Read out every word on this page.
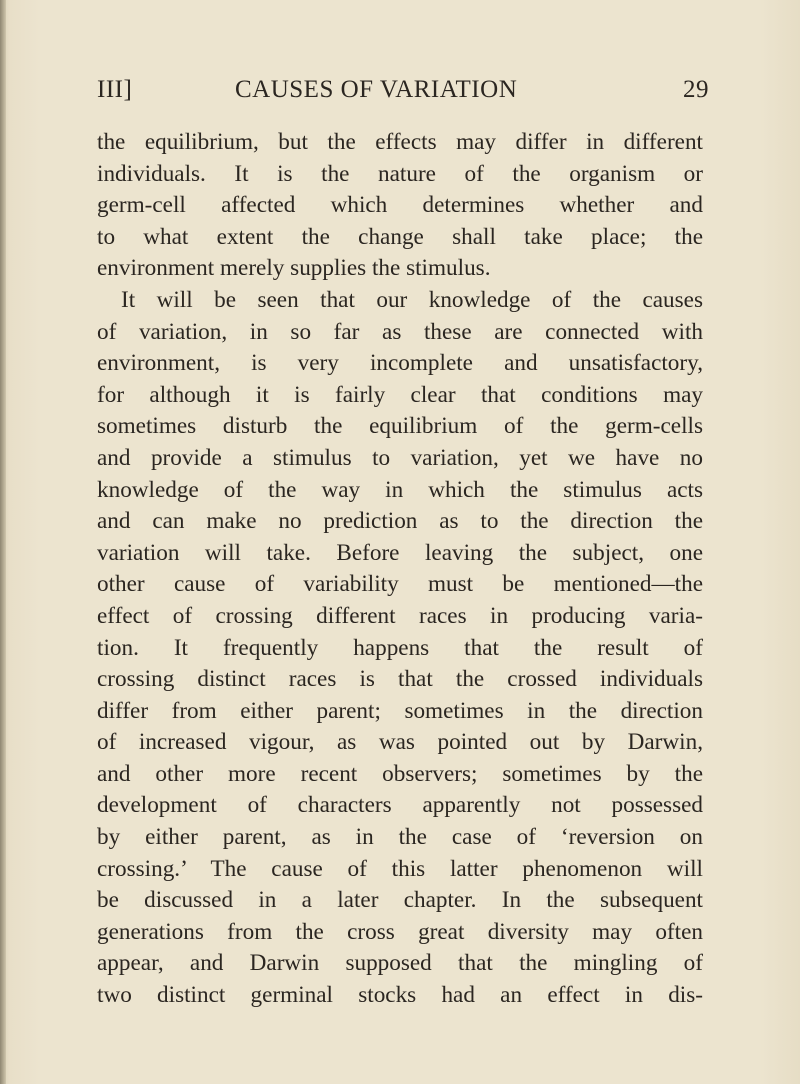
III]	CAUSES OF VARIATION	29
the equilibrium, but the effects may differ in different
individuals. It is the nature of the organism or
germ-cell affected which determines whether and
to what extent the change shall take place; the
environment merely supplies the stimulus.
It will be seen that our knowledge of the causes
of variation, in so far as these are connected with
environment, is very incomplete and unsatisfactory,
for although it is fairly clear that conditions may
sometimes disturb the equilibrium of the germ-cells
and provide a stimulus to variation, yet we have no
knowledge of the way in which the stimulus acts
and can make no prediction as to the direction the
variation will take. Before leaving the subject, one
other cause of variability must be mentioned—the
effect of crossing different races in producing varia-
tion. It frequently happens that the result of
crossing distinct races is that the crossed individuals
differ from either parent; sometimes in the direction
of increased vigour, as was pointed out by Darwin,
and other more recent observers; sometimes by the
development of characters apparently not possessed
by either parent, as in the case of ‘reversion on
crossing.’ The cause of this latter phenomenon will
be discussed in a later chapter. In the subsequent
generations from the cross great diversity may often
appear, and Darwin supposed that the mingling of
two distinct germinal stocks had an effect in dis-
